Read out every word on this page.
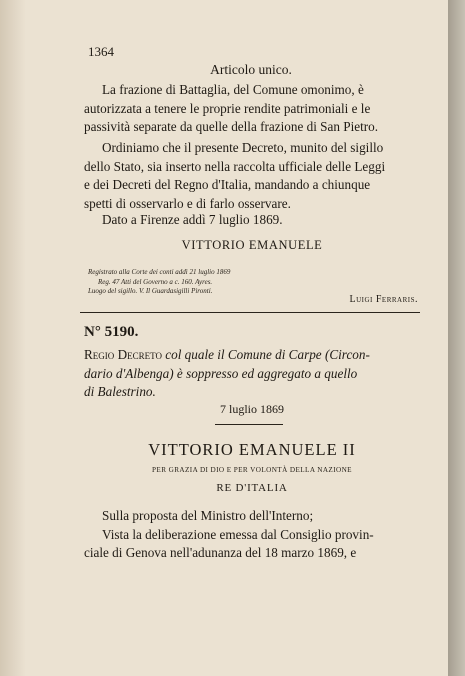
1364
Articolo unico.
La frazione di Battaglia, del Comune omonimo, è
autorizzata a tenere le proprie rendite patrimoniali e le
passività separate da quelle della frazione di San Pietro.
Ordiniamo che il presente Decreto, munito del sigillo
dello Stato, sia inserto nella raccolta ufficiale delle Leggi
e dei Decreti del Regno d'Italia, mandando a chiunque
spetti di osservarlo e di farlo osservare.
Dato a Firenze addì 7 luglio 1869.
VITTORIO EMANUELE
Registrato alla Corte dei conti addì 21 luglio 1869
Reg. 47 Atti del Governo a c. 160. Ayres.
Luogo del sigillo. V. Il Guardasigilli Pironti.
Luigi Ferraris.
N° 5190.
Regio Decreto col quale il Comune di Carpe (Circon-
dario d'Albenga) è soppresso ed aggregato a quello
di Balestrino.
7 luglio 1869
VITTORIO EMANUELE II
PER GRAZIA DI DIO E PER VOLONTÀ DELLA NAZIONE
RE D'ITALIA
Sulla proposta del Ministro dell'Interno;
Vista la deliberazione emessa dal Consiglio provin-
ciale di Genova nell'adunanza del 18 marzo 1869, e
